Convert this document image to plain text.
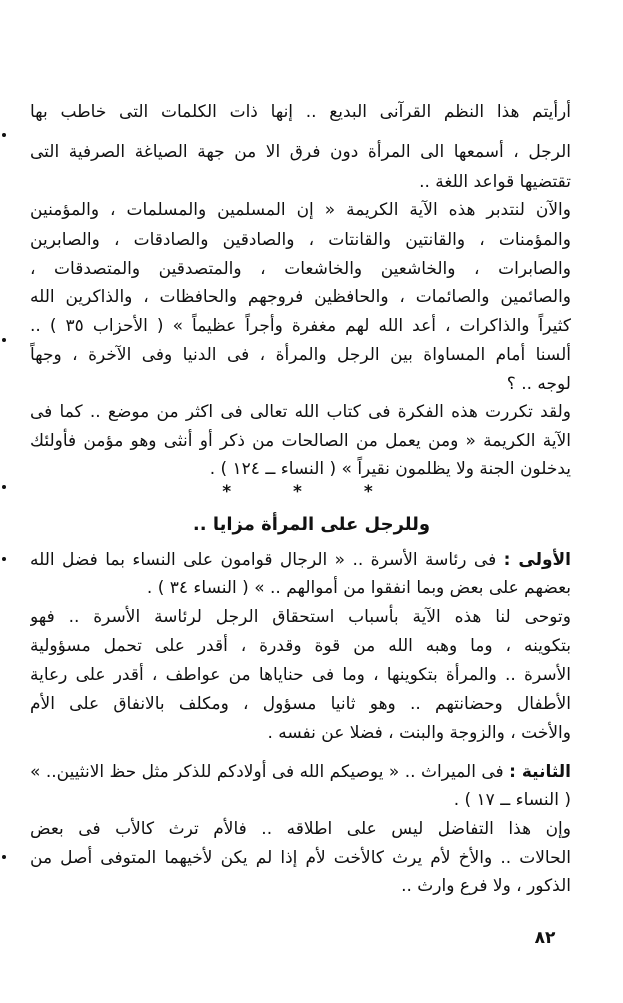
أرأيتم هذا النظم القرآنى البديع .. إنها ذات الكلمات التى خاطب بها
الرجل ، أسمعها الى المرأة دون فرق الا من جهة الصياغة الصرفية التى
تقتضيها قواعد اللغة ..
والآن لنتدبر هذه الآية الكريمة « إن المسلمين والمسلمات ، والمؤمنين
والمؤمنات ، والقانتين والقانتات ، والصادقين والصادقات ، والصابرين
والصابرات ، والخاشعين والخاشعات ، والمتصدقين والمتصدقات ،
والصائمين والصائمات ، والحافظين فروجهم والحافظات ، والذاكرين الله
كثيراً والذاكرات ، أعد الله لهم مغفرة وأجراً عظيماً » ( الأحزاب ٣٥ ) ..
ألسنا أمام المساواة بين الرجل والمرأة ، فى الدنيا وفى الآخرة ، وجهاً
لوجه .. ؟
ولقد تكررت هذه الفكرة فى كتاب الله تعالى فى اكثر من موضع .. كما فى
الآية الكريمة « ومن يعمل من الصالحات من ذكر أو أنثى وهو مؤمن فأولئك
يدخلون الجنة ولا يظلمون نقيراً » ( النساء ــ ١٢٤ ) .
* * *
وللرجل على المرأة مزايا ..
الأولى : فى رئاسة الأسرة .. « الرجال قوامون على النساء بما فضل الله
بعضهم على بعض وبما انفقوا من أموالهم .. » ( النساء ٣٤ ) .
وتوحى لنا هذه الآية بأسباب استحقاق الرجل لرئاسة الأسرة .. فهو
بتكوينه ، وما وهبه الله من قوة وقدرة ، أقدر على تحمل مسؤولية
الأسرة .. والمرأة بتكوينها ، وما فى حناياها من عواطف ، أقدر على رعاية
الأطفال وحضانتهم .. وهو ثانيا مسؤول ، ومكلف بالانفاق على الأم
والأخت ، والزوجة والبنت ، فضلا عن نفسه .
الثانية : فى الميراث .. « يوصيكم الله فى أولادكم للذكر مثل حظ الانثيين.. »
( النساء ــ ١٧ ) .
وإن هذا التفاضل ليس على اطلاقه .. فالأم ترث كالأب فى بعض
الحالات .. والأخ لأم يرث كالأخت لأم إذا لم يكن لأخيهما المتوفى أصل من
الذكور ، ولا فرع وارث ..
٨٢
